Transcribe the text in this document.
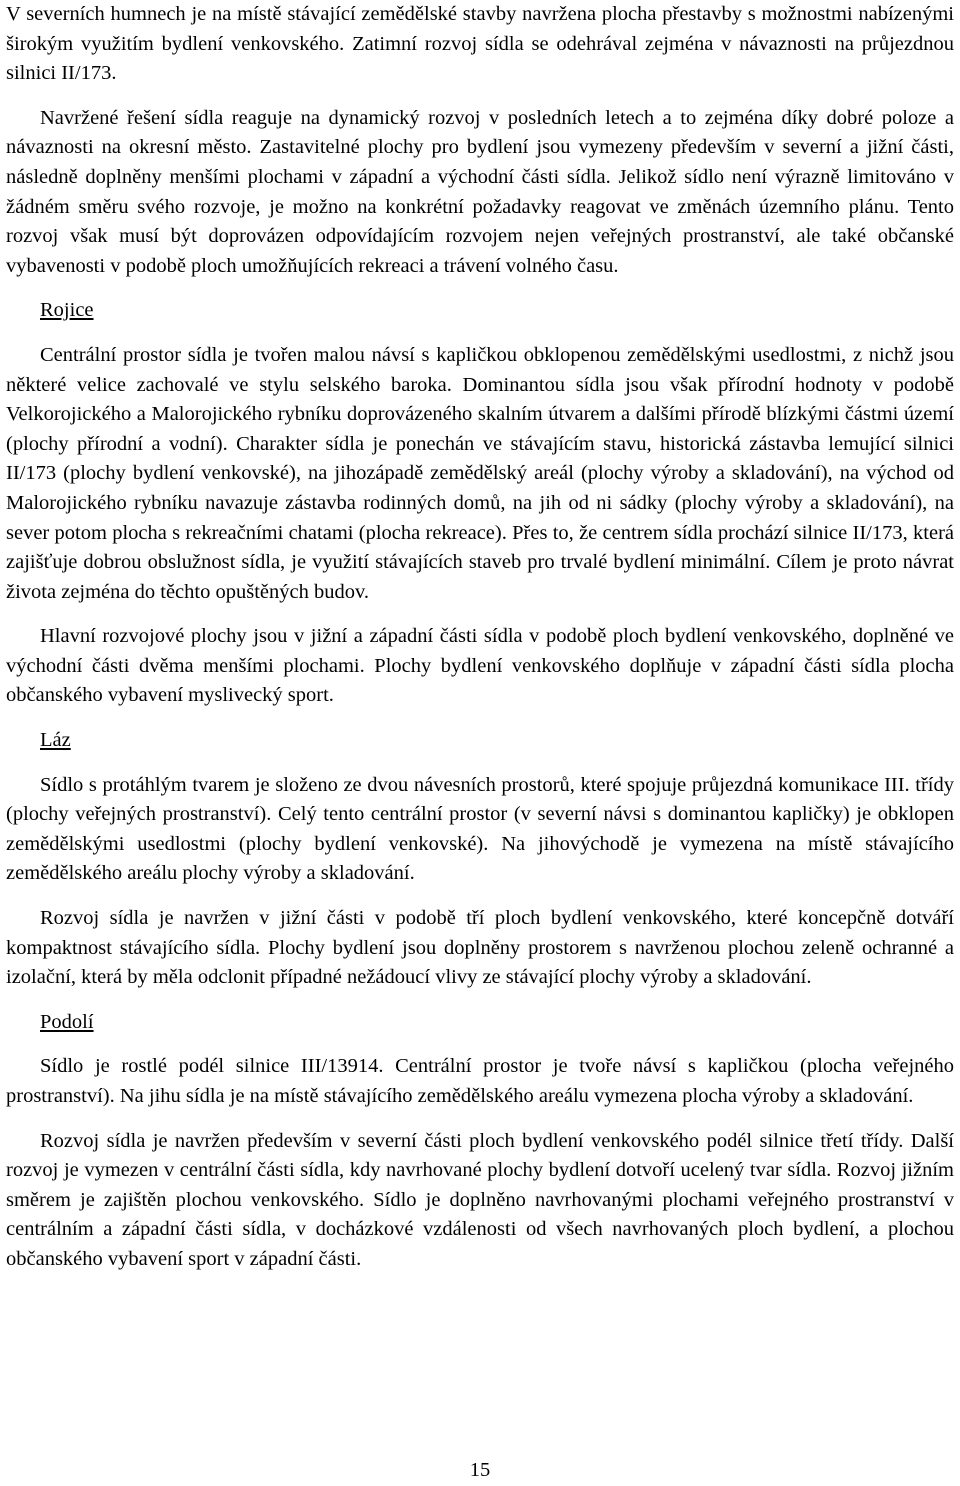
V severních humnech je na místě stávající zemědělské stavby navržena plocha přestavby s možnostmi nabízenými širokým využitím bydlení venkovského. Zatimní rozvoj sídla se odehrával zejména v návaznosti na průjezdnou silnici II/173.

Navržené řešení sídla reaguje na dynamický rozvoj v posledních letech a to zejména díky dobré poloze a návaznosti na okresní město. Zastavitelné plochy pro bydlení jsou vymezeny především v severní a jižní části, následně doplněny menšími plochami v západní a východní části sídla. Jelikož sídlo není výrazně limitováno v žádném směru svého rozvoje, je možno na konkrétní požadavky reagovat ve změnách územního plánu. Tento rozvoj však musí být doprovázen odpovídajícím rozvojem nejen veřejných prostranství, ale také občanské vybavenosti v podobě ploch umožňujících rekreaci a trávení volného času.

Rojice

Centrální prostor sídla je tvořen malou návsí s kapličkou obklopenou zemědělskými usedlostmi, z nichž jsou některé velice zachovalé ve stylu selského baroka. Dominantou sídla jsou však přírodní hodnoty v podobě Velkorojického a Malorojického rybníku doprovázeného skalním útvarem a dalšími přírodě blízkými částmi území (plochy přírodní a vodní). Charakter sídla je ponechán ve stávajícím stavu, historická zástavba lemující silnici II/173 (plochy bydlení venkovské), na jihozápadě zemědělský areál (plochy výroby a skladování), na východ od Malorojického rybníku navazuje zástavba rodinných domů, na jih od ni sádky (plochy výroby a skladování), na sever potom plocha s rekreačními chatami (plocha rekreace). Přes to, že centrem sídla prochází silnice II/173, která zajišťuje dobrou obslužnost sídla, je využití stávajících staveb pro trvalé bydlení minimální. Cílem je proto návrat života zejména do těchto opuštěných budov.

Hlavní rozvojové plochy jsou v jižní a západní části sídla v podobě ploch bydlení venkovského, doplněné ve východní části dvěma menšími plochami. Plochy bydlení venkovského doplňuje v západní části sídla plocha občanského vybavení myslivecký sport.

Láz

Sídlo s protáhlým tvarem je složeno ze dvou návesních prostorů, které spojuje průjezdná komunikace III. třídy (plochy veřejných prostranství). Celý tento centrální prostor (v severní návsi s dominantou kapličky) je obklopen zemědělskými usedlostmi (plochy bydlení venkovské). Na jihovýchodě je vymezena na místě stávajícího zemědělského areálu plochy výroby a skladování.

Rozvoj sídla je navržen v jižní části v podobě tří ploch bydlení venkovského, které koncepčně dotváří kompaktnost stávajícího sídla. Plochy bydlení jsou doplněny prostorem s navrženou plochou zeleně ochranné a izolační, která by měla odclonit případné nežádoucí vlivy ze stávající plochy výroby a skladování.

Podolí

Sídlo je rostlé podél silnice III/13914. Centrální prostor je tvoře návsí s kapličkou (plocha veřejného prostranství). Na jihu sídla je na místě stávajícího zemědělského areálu vymezena plocha výroby a skladování.

Rozvoj sídla je navržen především v severní části ploch bydlení venkovského podél silnice třetí třídy. Další rozvoj je vymezen v centrální části sídla, kdy navrhované plochy bydlení dotvoří ucelený tvar sídla. Rozvoj jižním směrem je zajištěn plochou venkovského. Sídlo je doplněno navrhovanými plochami veřejného prostranství v centrálním a západní části sídla, v docházkové vzdálenosti od všech navrhovaných ploch bydlení, a plochou občanského vybavení sport v západní části.

15
